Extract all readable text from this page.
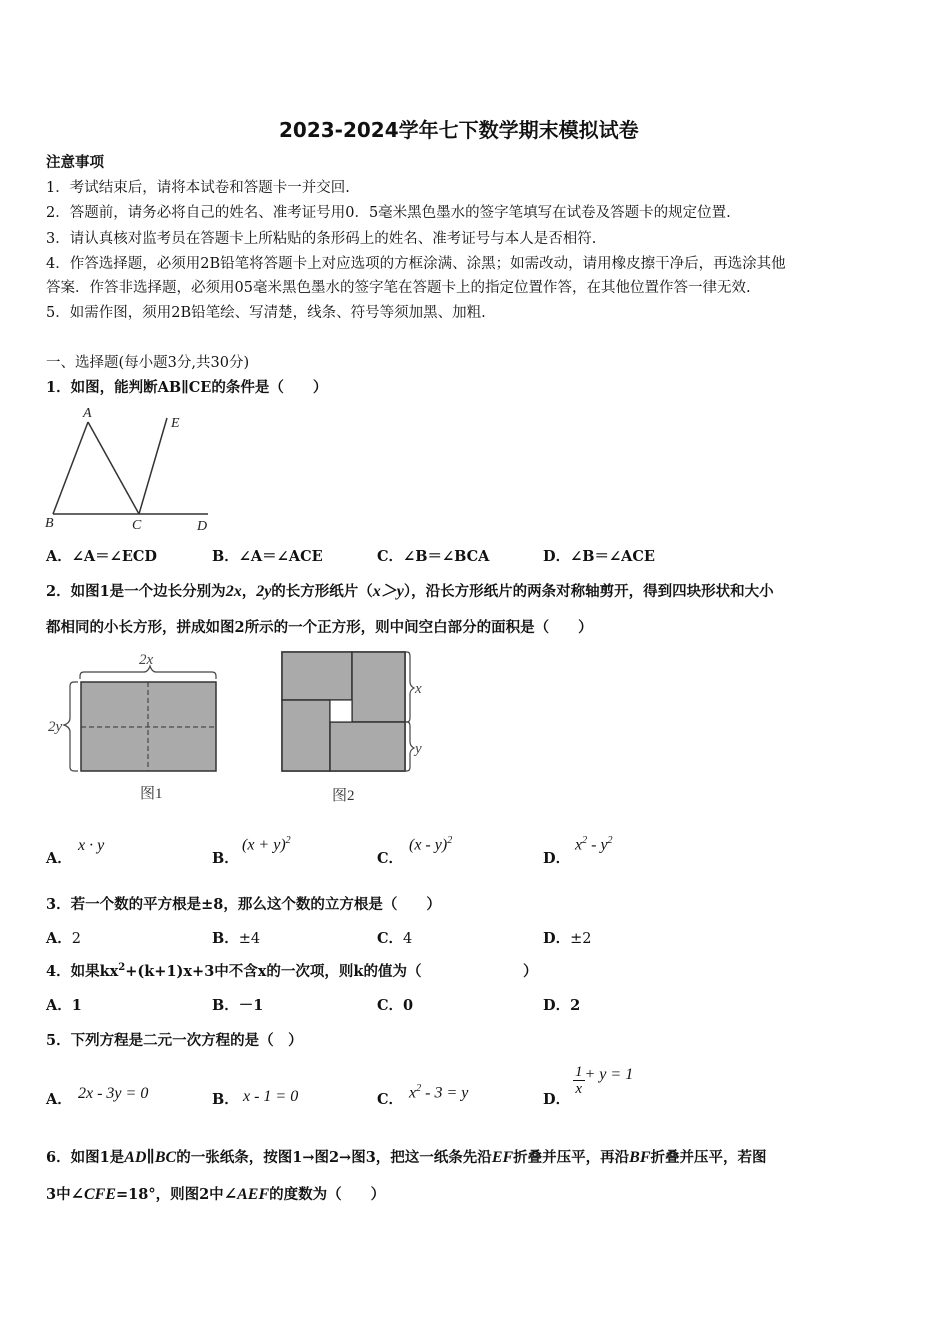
2023-2024学年七下数学期末模拟试卷
注意事项
1．考试结束后，请将本试卷和答题卡一并交回.
2．答题前，请务必将自己的姓名、准考证号用0．5毫米黑色墨水的签字笔填写在试卷及答题卡的规定位置.
3．请认真核对监考员在答题卡上所粘贴的条形码上的姓名、准考证号与本人是否相符.
4．作答选择题，必须用2B铅笔将答题卡上对应选项的方框涂满、涂黑；如需改动，请用橡皮擦干净后，再选涂其他
答案．作答非选择题，必须用05毫米黑色墨水的签字笔在答题卡上的指定位置作答，在其他位置作答一律无效.
5．如需作图，须用2B铅笔绘、写清楚，线条、符号等须加黑、加粗.
一、选择题(每小题3分,共30分)
1．如图，能判断AB∥CE的条件是（　　）
A
E
B	C	D
A．∠A＝∠ECD	B．∠A＝∠ACE	C．∠B＝∠BCA	D．∠B＝∠ACE
2．如图1是一个边长分别为2x，2y的长方形纸片（x＞y），沿长方形纸片的两条对称轴剪开，得到四块形状和大小
都相同的小长方形，拼成如图2所示的一个正方形，则中间空白部分的面积是（　　）
2x
2y
图1
x
y
图2
A．
x · y
B．
$(x + y)^2$
C．
(x - y)$^2$
D．
$x^2 - y^2$
3．若一个数的平方根是±8，那么这个数的立方根是（　　）
A．2	B．±4	C．4	D．±2
4．如果$kx^2+(k+1)x+3$中不含x的一次项，则k的值为（　　　　　　　）
A．1	B．－1	C．0	D．2
5．下列方程是二元一次方程的是（　）
A． 2x - 3y = 0	B． x - 1 = 0	C． $x^2 - 3 = y$	D．
$\frac{1}{x} + y = 1$
6．如图1是AD∥BC的一张纸条，按图1→图2→图3，把这一纸条先沿EF折叠并压平，再沿BF折叠并压平，若图
3中∠CFE=18°，则图2中∠AEF的度数为（　　）
